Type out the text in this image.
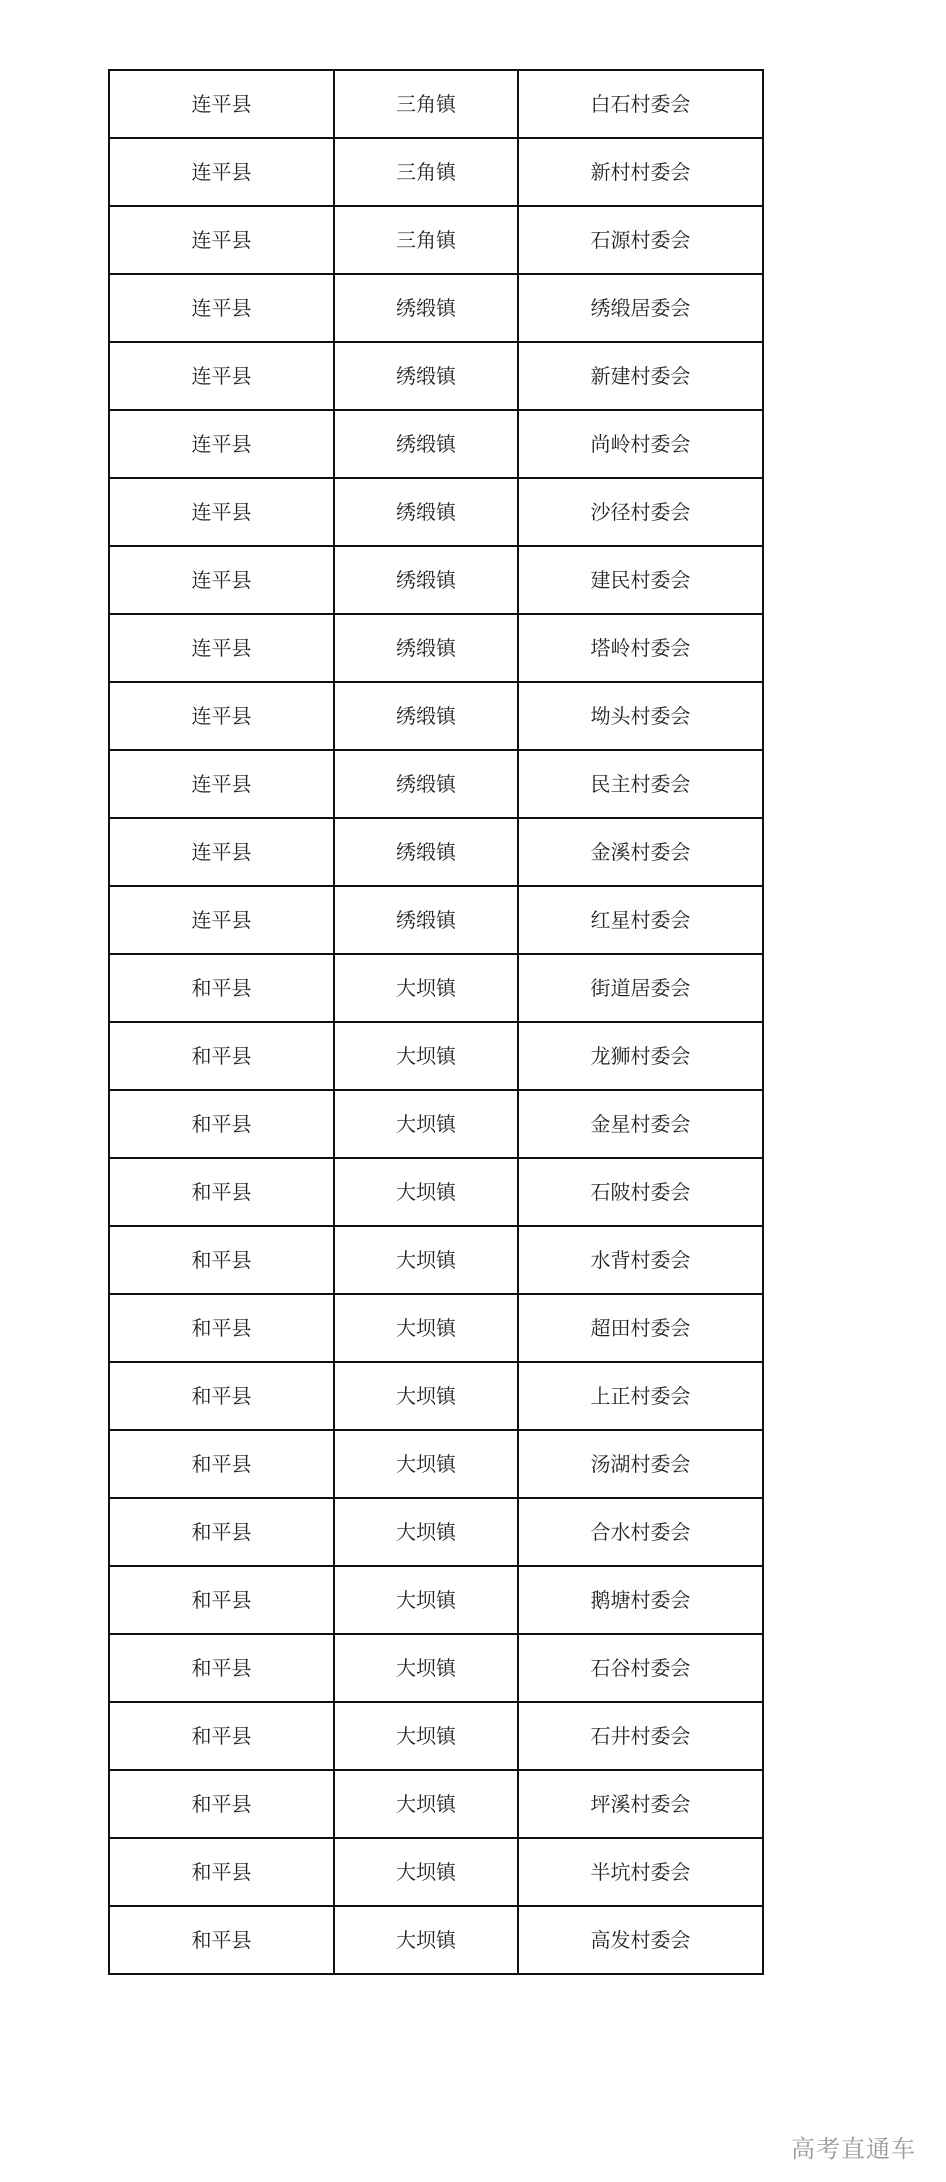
连平县	三角镇	白石村委会
连平县	三角镇	新村村委会
连平县	三角镇	石源村委会
连平县	绣缎镇	绣缎居委会
连平县	绣缎镇	新建村委会
连平县	绣缎镇	尚岭村委会
连平县	绣缎镇	沙径村委会
连平县	绣缎镇	建民村委会
连平县	绣缎镇	塔岭村委会
连平县	绣缎镇	坳头村委会
连平县	绣缎镇	民主村委会
连平县	绣缎镇	金溪村委会
连平县	绣缎镇	红星村委会
和平县	大坝镇	街道居委会
和平县	大坝镇	龙狮村委会
和平县	大坝镇	金星村委会
和平县	大坝镇	石陂村委会
和平县	大坝镇	水背村委会
和平县	大坝镇	超田村委会
和平县	大坝镇	上正村委会
和平县	大坝镇	汤湖村委会
和平县	大坝镇	合水村委会
和平县	大坝镇	鹅塘村委会
和平县	大坝镇	石谷村委会
和平县	大坝镇	石井村委会
和平县	大坝镇	坪溪村委会
和平县	大坝镇	半坑村委会
和平县	大坝镇	高发村委会
高考直通车
